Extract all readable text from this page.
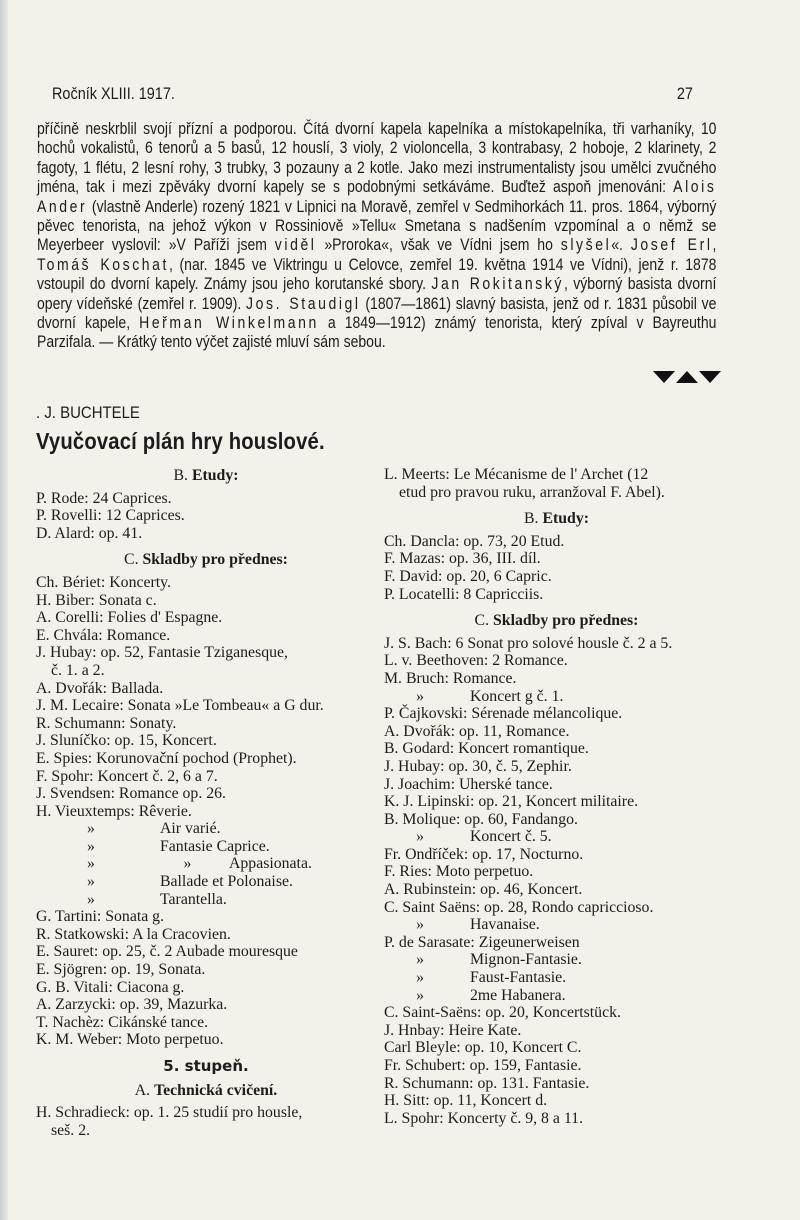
Ročník XLIII. 1917.	27

příčině neskrblil svojí přízní a podporou. Čítá dvorní kapela kapelníka a místokapelníka, tři varhaníky, 10 hochů vokalistů, 6 tenorů a 5 basů, 12 houslí, 3 violy, 2 violoncella, 3 kontrabasy, 2 hoboje, 2 klarinety, 2 fagoty, 1 flétu, 2 lesní rohy, 3 trubky, 3 pozauny a 2 kotle. Jako mezi instrumentalisty jsou umělci zvučného jména, tak i mezi zpěváky dvorní kapely se s podobnými setkáváme. Buďtež aspoň jmenováni: Alois Ander (vlastně Anderle) rozený 1821 v Lipnici na Moravě, zemřel v Sedmihorkách 11. pros. 1864, výborný pěvec tenorista, na jehož výkon v Rossiniově »Tellu« Smetana s nadšením vzpomínal a o němž se Meyerbeer vyslovil: »V Paříži jsem viděl »Proroka«, však ve Vídni jsem ho slyšel«. Josef Erl, Tomáš Koschat, (nar. 1845 ve Viktringu u Celovce, zemřel 19. května 1914 ve Vídni), jenž r. 1878 vstoupil do dvorní kapely. Známy jsou jeho korutanské sbory. Jan Rokitanský, výborný basista dvorní opery vídeňské (zemřel r. 1909). Jos. Staudigl (1807—1861) slavný basista, jenž od r. 1831 působil ve dvorní kapele, Heřman Winkelmann a 1849—1912) známý tenorista, který zpíval v Bayreuthu Parzifala. — Krátký tento výčet zajisté mluví sám sebou.

. J. BUCHTELE
Vyučovací plán hry houslové.
B. Etudy:
P. Rode: 24 Caprices.
P. Rovelli: 12 Caprices.
D. Alard: op. 41.
C. Skladby pro přednes:
Ch. Bériet: Koncerty.
H. Biber: Sonata c.
A. Corelli: Folies d' Espagne.
E. Chvála: Romance.
J. Hubay: op. 52, Fantasie Tziganesque,
č. 1. a 2.
A. Dvořák: Ballada.
J. M. Lecaire: Sonata »Le Tombeau« a G dur.
R. Schumann: Sonaty.
J. Sluníčko: op. 15, Koncert.
E. Spies: Korunovační pochod (Prophet).
F. Spohr: Koncert č. 2, 6 a 7.
J. Svendsen: Romance op. 26.
H. Vieuxtemps: Rêverie.
»	Air varié.
»	Fantasie Caprice.
»	» Appasionata.
»	Ballade et Polonaise.
»	Tarantella.
G. Tartini: Sonata g.
R. Statkowski: A la Cracovien.
E. Sauret: op. 25, č. 2 Aubade mouresque
E. Sjögren: op. 19, Sonata.
G. B. Vitali: Ciacona g.
A. Zarzycki: op. 39, Mazurka.
T. Nachèz: Cikánské tance.
K. M. Weber: Moto perpetuo.
5. stupeň.
A. Technická cvičení.
H. Schradieck: op. 1. 25 studií pro housle,
seš. 2.
L. Meerts: Le Mécanisme de l' Archet (12
etud pro pravou ruku, arranžoval F. Abel).
B. Etudy:
Ch. Dancla: op. 73, 20 Etud.
F. Mazas: op. 36, III. díl.
F. David: op. 20, 6 Capric.
P. Locatelli: 8 Capricciis.
C. Skladby pro přednes:
J. S. Bach: 6 Sonat pro solové housle č. 2 a 5.
L. v. Beethoven: 2 Romance.
M. Bruch: Romance.
»	Koncert g č. 1.
P. Čajkovski: Sérenade mélancolique.
A. Dvořák: op. 11, Romance.
B. Godard: Koncert romantique.
J. Hubay: op. 30, č. 5, Zephir.
J. Joachim: Uherské tance.
K. J. Lipinski: op. 21, Koncert militaire.
B. Molique: op. 60, Fandango.
»	Koncert č. 5.
Fr. Ondříček: op. 17, Nocturno.
F. Ries: Moto perpetuo.
A. Rubinstein: op. 46, Koncert.
C. Saint Saëns: op. 28, Rondo capriccioso.
»	Havanaise.
P. de Sarasate: Zigeunerweisen
»	Mignon-Fantasie.
»	Faust-Fantasie.
»	2me Habanera.
C. Saint-Saëns: op. 20, Koncertstück.
J. Hnbay: Heire Kate.
Carl Bleyle: op. 10, Koncert C.
Fr. Schubert: op. 159, Fantasie.
R. Schumann: op. 131. Fantasie.
H. Sitt: op. 11, Koncert d.
L. Spohr: Koncerty č. 9, 8 a 11.
